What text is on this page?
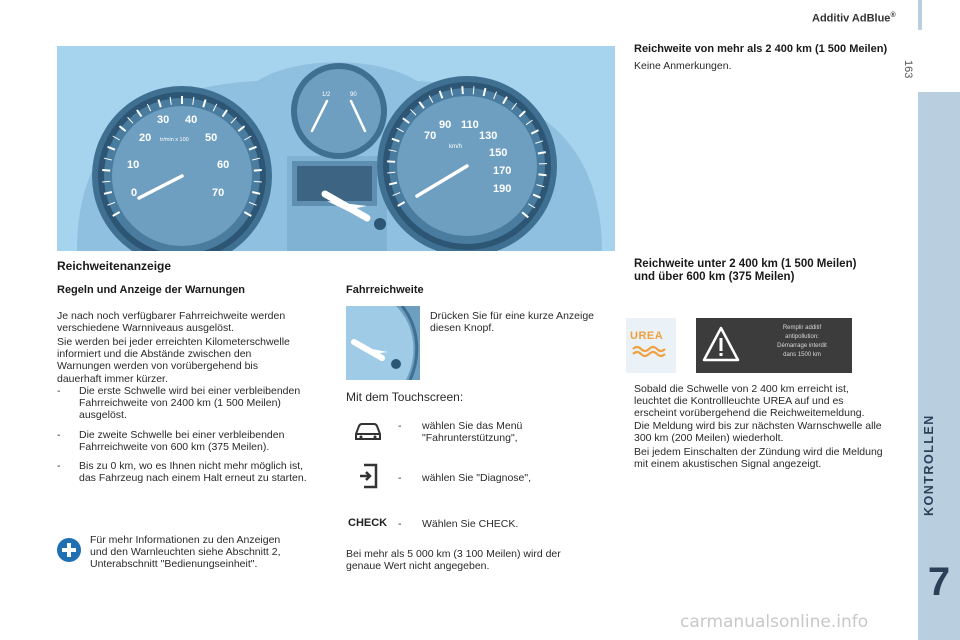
Additiv AdBlue®
163
KONTROLLEN
7
0
10
20
30 40
50
60
70
tr/min x 100
1/2	90
70
90 110
130
150
170
190
km/h
Reichweitenanzeige
Regeln und Anzeige der Warnungen
Je nach noch verfügbarer Fahrreichweite werden
verschiedene Warnniveaus ausgelöst.
Sie werden bei jeder erreichten Kilometerschwelle
informiert und die Abstände zwischen den
Warnungen werden von vorübergehend bis
dauerhaft immer kürzer.
- Die erste Schwelle wird bei einer verbleibenden
Fahrreichweite von 2400 km (1 500 Meilen)
ausgelöst.
- Die zweite Schwelle bei einer verbleibenden
Fahrreichweite von 600 km (375 Meilen).
- Bis zu 0 km, wo es Ihnen nicht mehr möglich ist,
das Fahrzeug nach einem Halt erneut zu starten.
Für mehr Informationen zu den Anzeigen
und den Warnleuchten siehe Abschnitt 2,
Unterabschnitt "Bedienungseinheit".
Fahrreichweite
Drücken Sie für eine kurze Anzeige
diesen Knopf.
Mit dem Touchscreen:
- wählen Sie das Menü
"Fahrunterstützung",
- wählen Sie "Diagnose",
CHECK - Wählen Sie CHECK.
Bei mehr als 5 000 km (3 100 Meilen) wird der
genaue Wert nicht angegeben.
Reichweite von mehr als 2 400 km (1 500 Meilen)
Keine Anmerkungen.
Reichweite unter 2 400 km (1 500 Meilen)
und über 600 km (375 Meilen)
UREA
Remplir additif
antipollution:
Démarrage interdit
dans 1500 km
Sobald die Schwelle von 2 400 km erreicht ist,
leuchtet die Kontrollleuchte UREA auf und es
erscheint vorübergehend die Reichweitemeldung.
Die Meldung wird bis zur nächsten Warnschwelle alle
300 km (200 Meilen) wiederholt.
Bei jedem Einschalten der Zündung wird die Meldung
mit einem akustischen Signal angezeigt.
carmanualsonline.info
